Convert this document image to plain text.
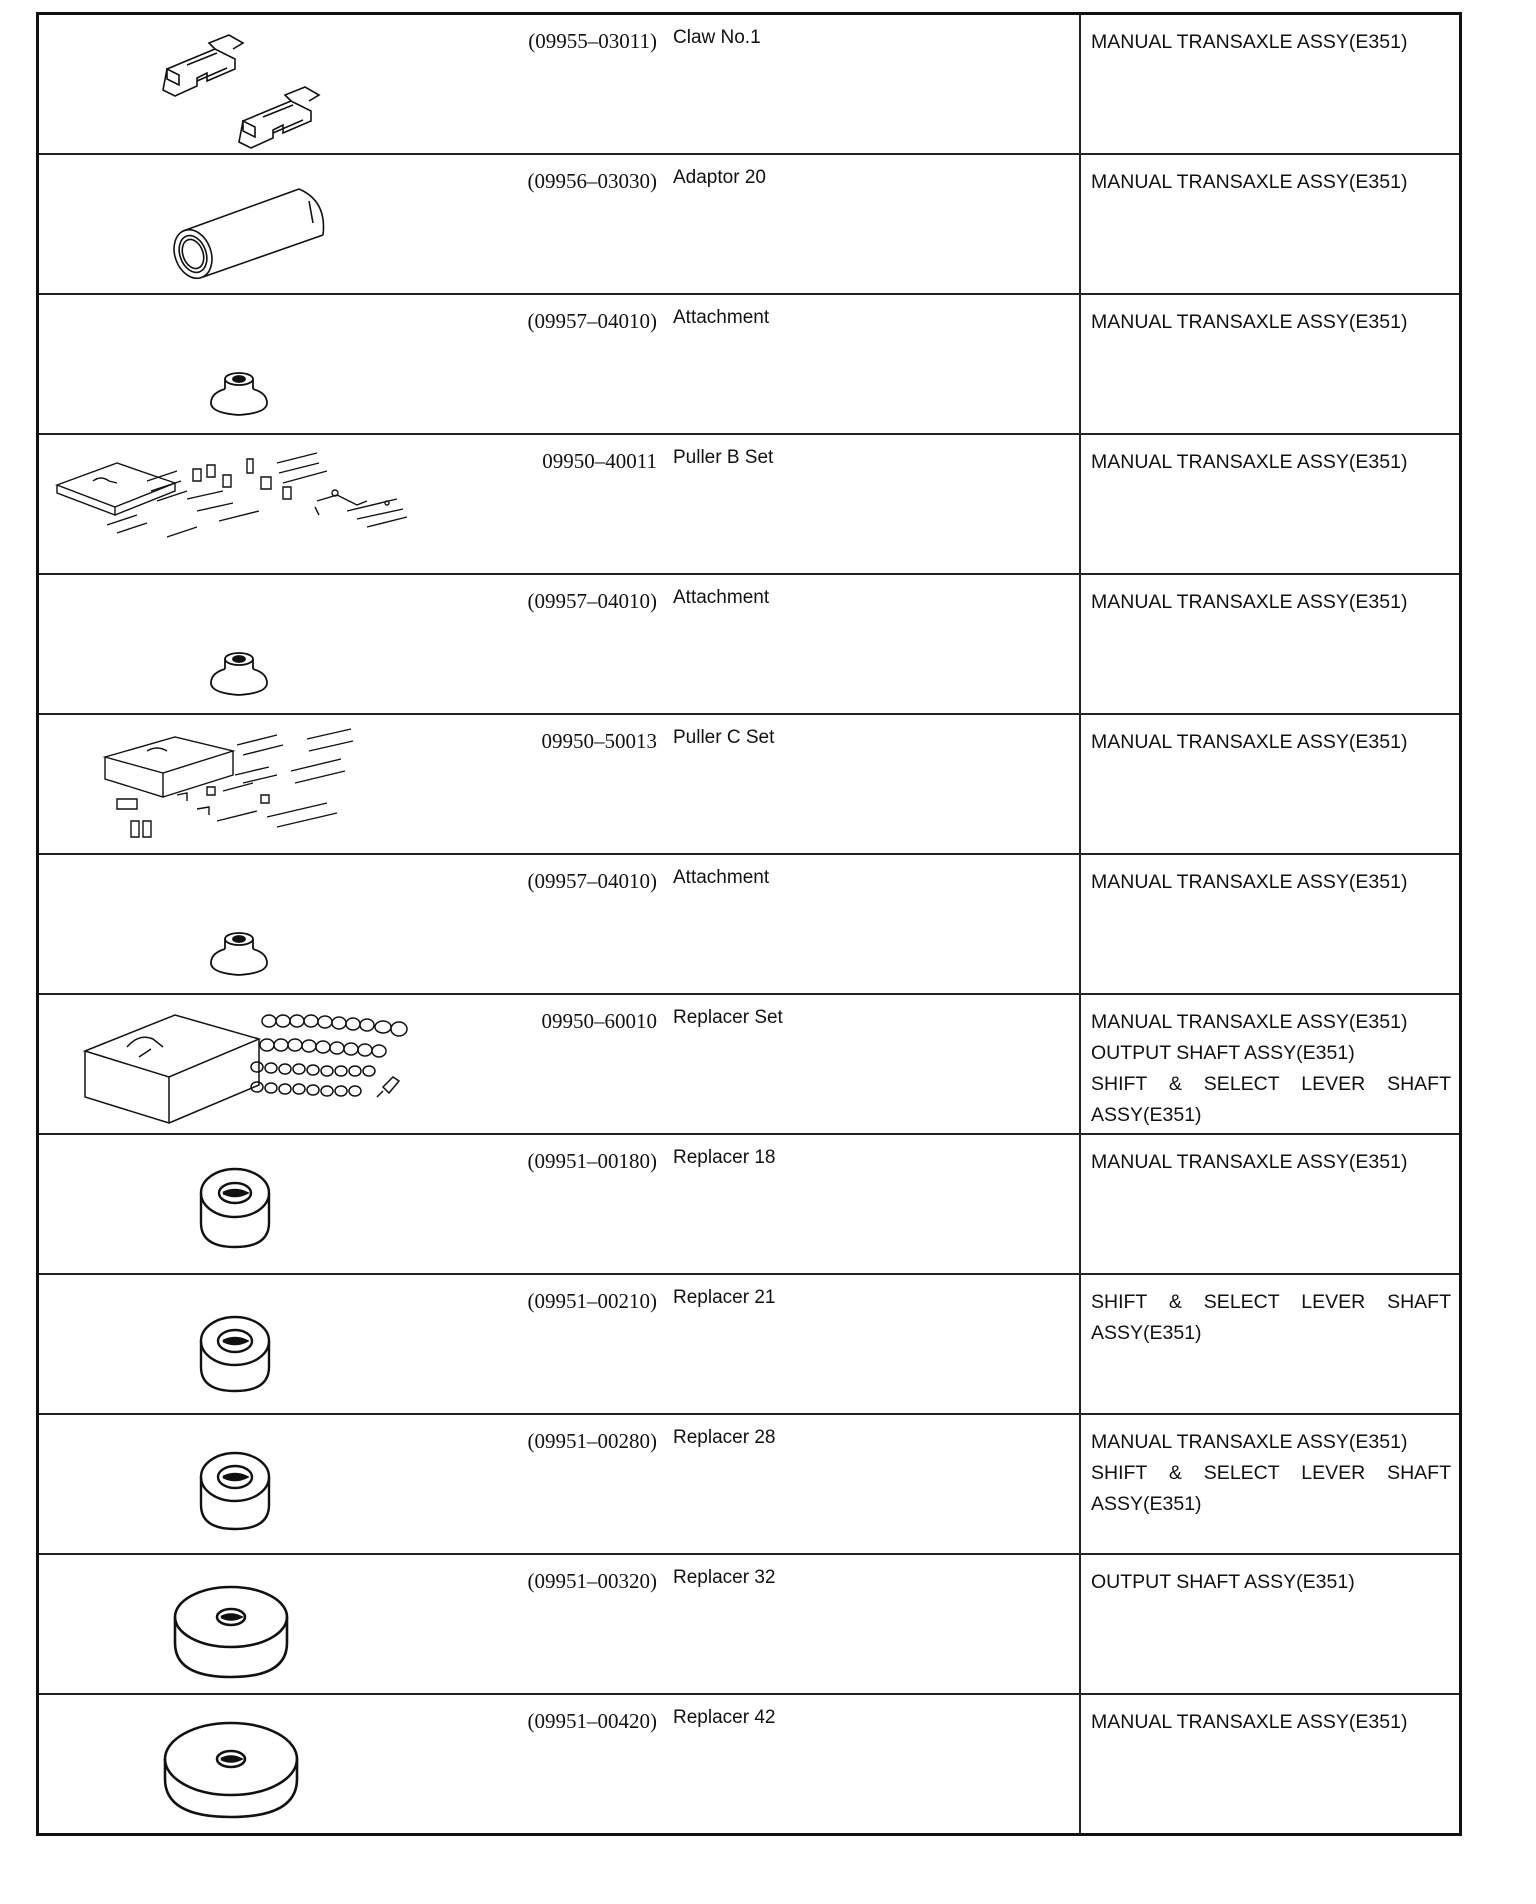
(09955–03011) Claw No.1	MANUAL TRANSAXLE ASSY(E351)
(09956–03030) Adaptor 20	MANUAL TRANSAXLE ASSY(E351)
(09957–04010) Attachment	MANUAL TRANSAXLE ASSY(E351)
09950–40011 Puller B Set	MANUAL TRANSAXLE ASSY(E351)
(09957–04010) Attachment	MANUAL TRANSAXLE ASSY(E351)
09950–50013 Puller C Set	MANUAL TRANSAXLE ASSY(E351)
(09957–04010) Attachment	MANUAL TRANSAXLE ASSY(E351)
09950–60010 Replacer Set	MANUAL TRANSAXLE ASSY(E351)
OUTPUT SHAFT ASSY(E351)
SHIFT & SELECT LEVER SHAFT ASSY(E351)
(09951–00180) Replacer 18	MANUAL TRANSAXLE ASSY(E351)
(09951–00210) Replacer 21	SHIFT & SELECT LEVER SHAFT ASSY(E351)
(09951–00280) Replacer 28	MANUAL TRANSAXLE ASSY(E351)
SHIFT & SELECT LEVER SHAFT ASSY(E351)
(09951–00320) Replacer 32	OUTPUT SHAFT ASSY(E351)
(09951–00420) Replacer 42	MANUAL TRANSAXLE ASSY(E351)
